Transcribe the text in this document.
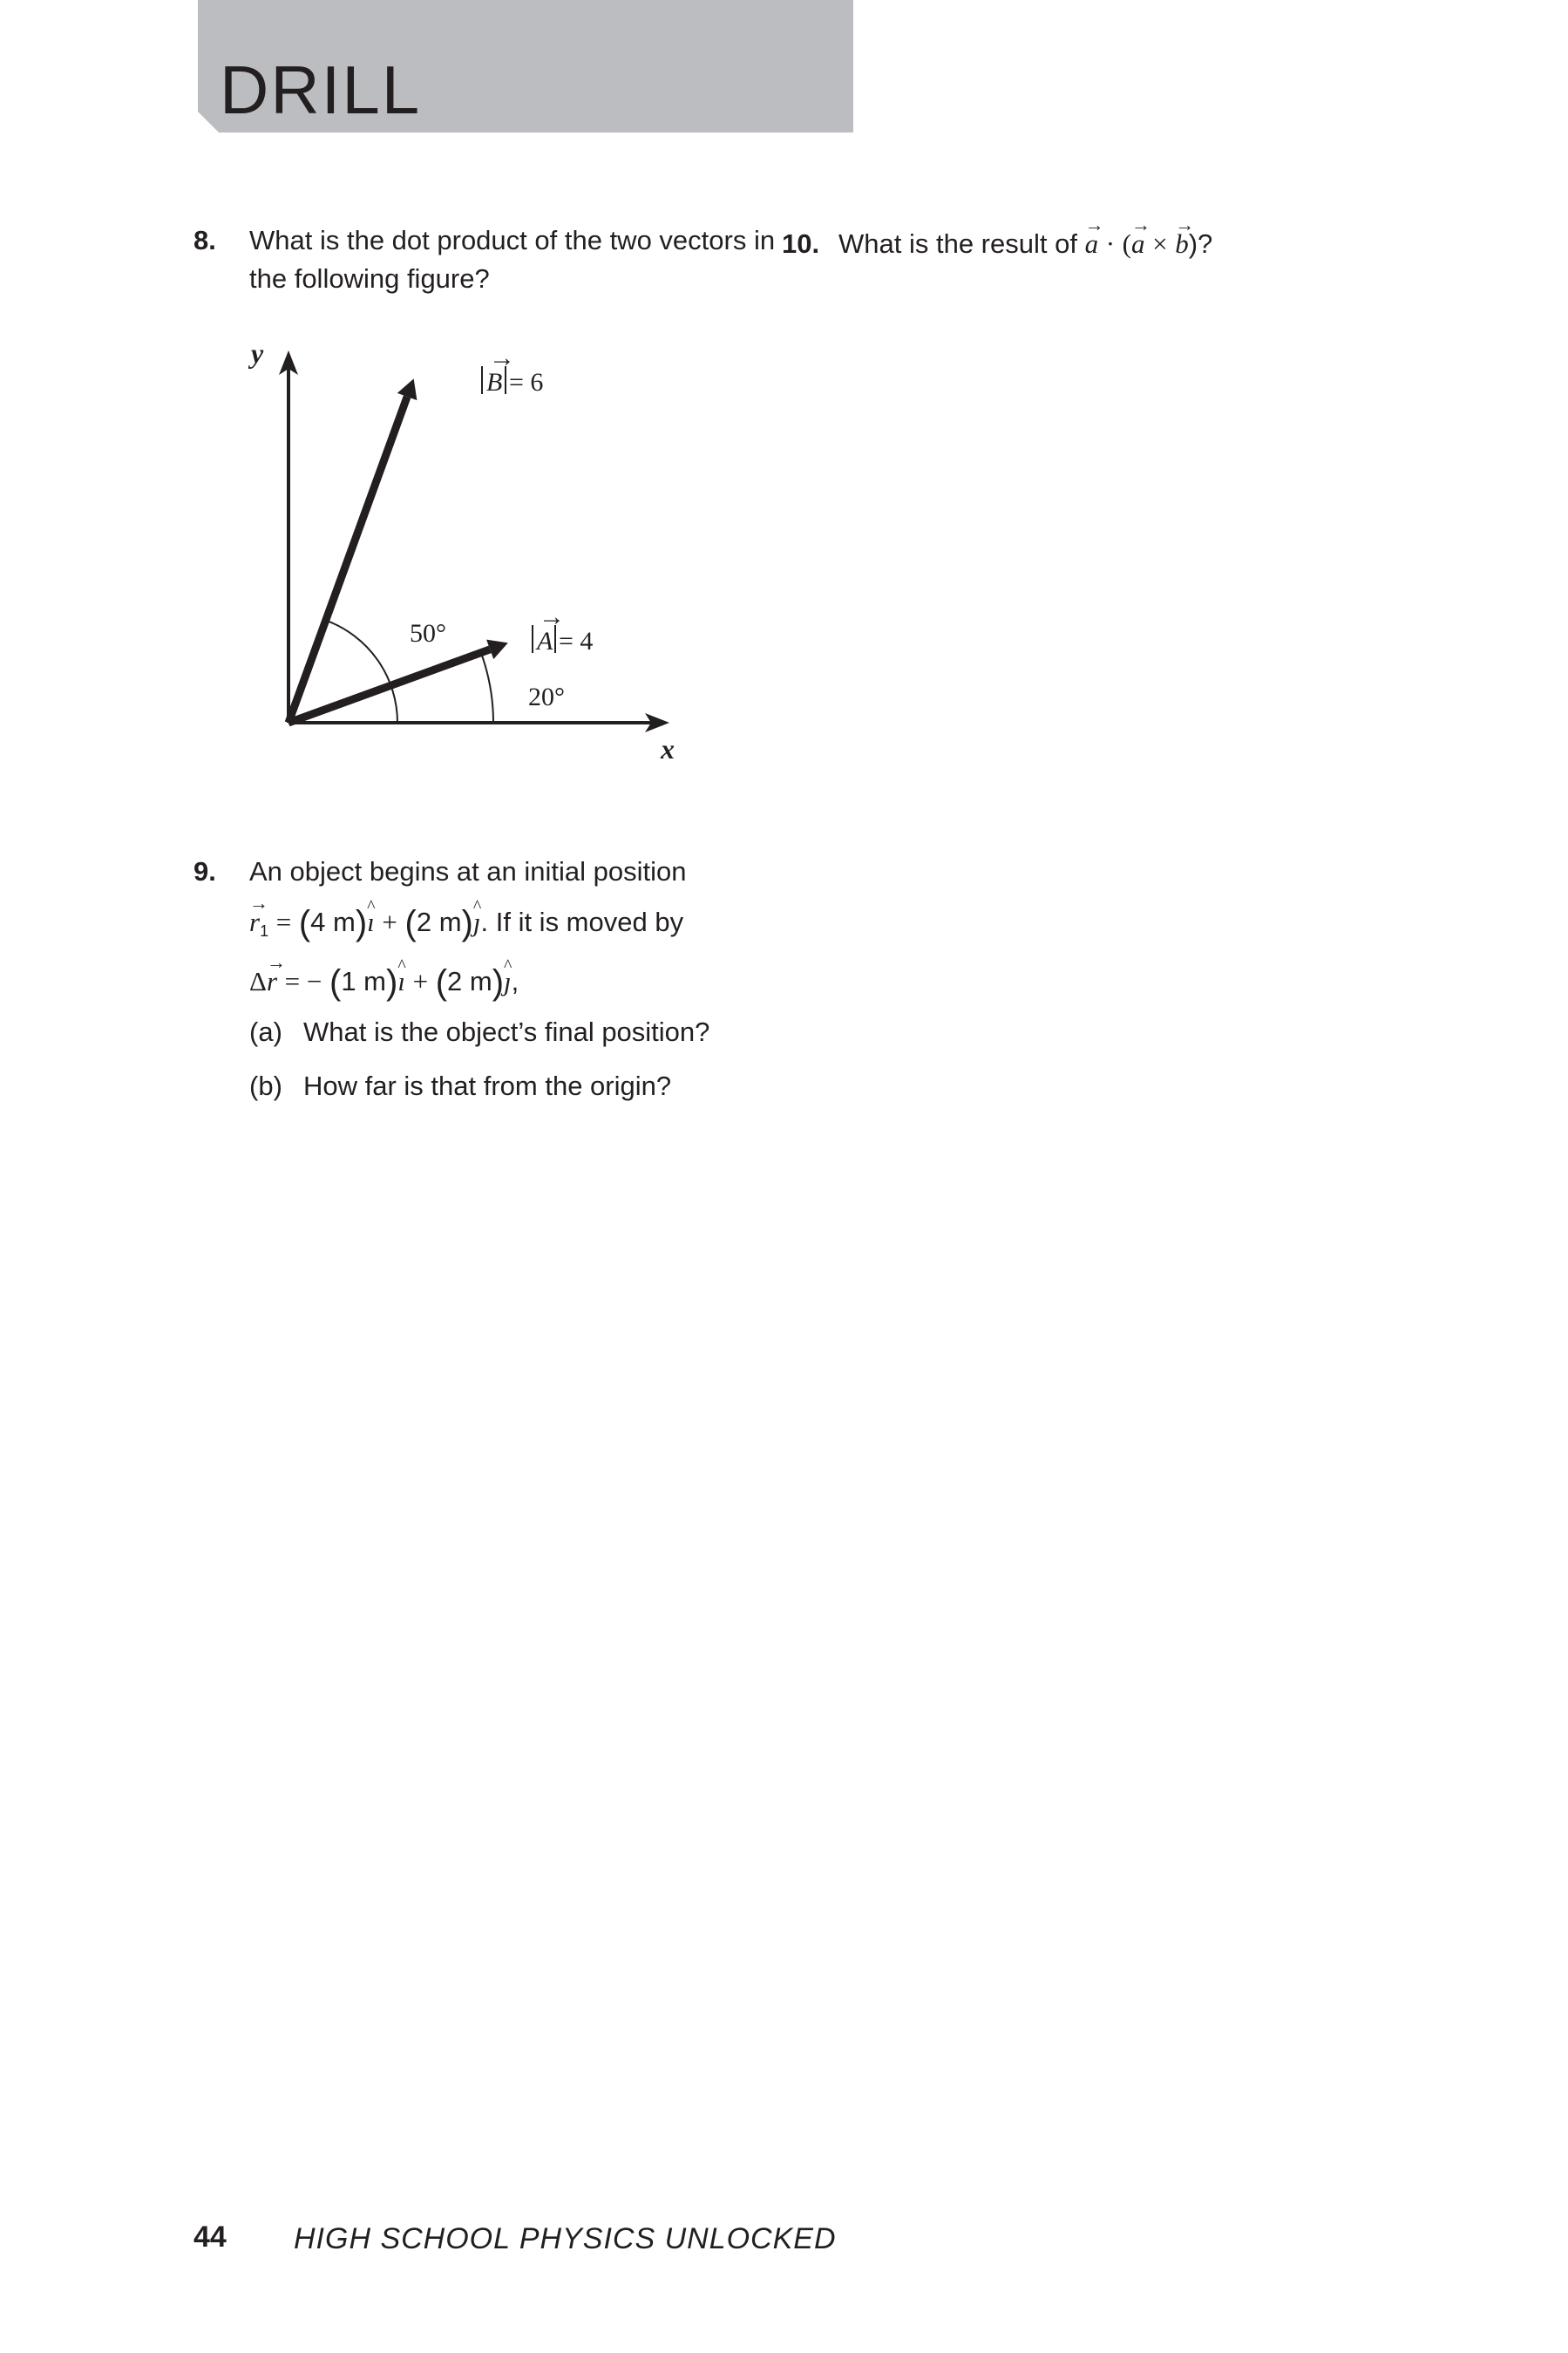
DRILL
8. What is the dot product of the two vectors in
the following figure?
y
x
B
→
= 6
A
→
= 4
50°
20°
9. An object begins at an initial position
→ $r_1 = (4$ m)^ ı + (2 m)^ ȷ. If it is moved by
Δ→ r = − (1 m)^ ı + (2 m)^ ȷ,
(a) What is the object’s final position?
(b) How far is that from the origin?
10. What is the result of → a · (→ a × → b)?
44 HIGH SCHOOL PHYSICS UNLOCKED
